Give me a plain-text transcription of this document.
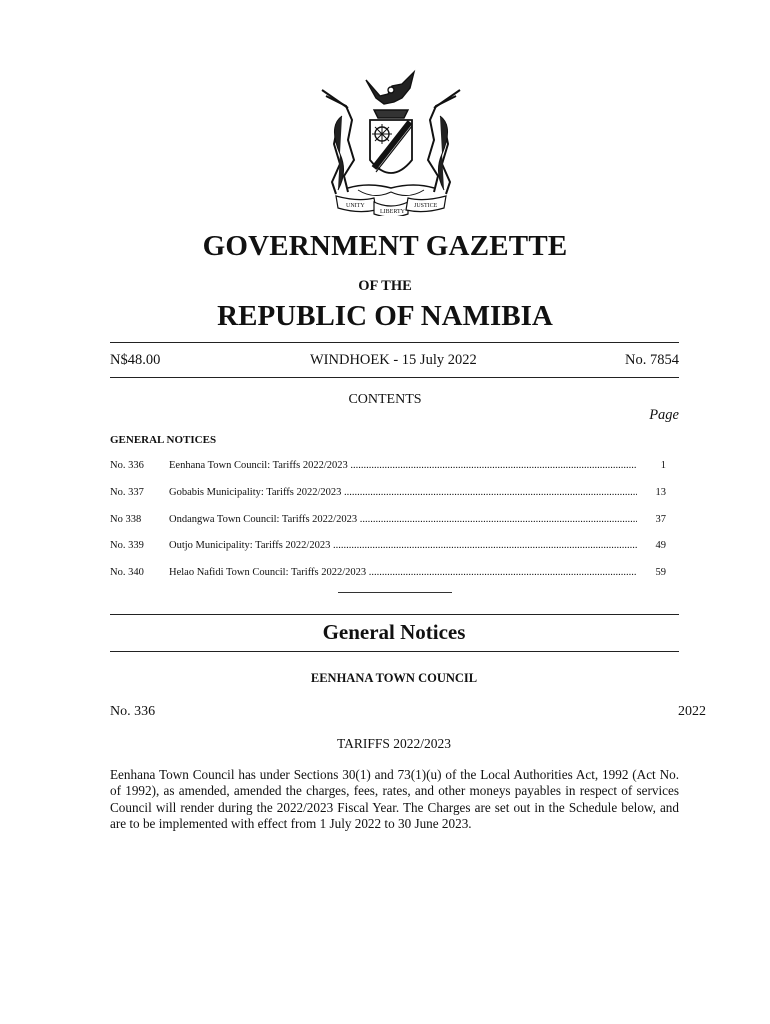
UNITY
LIBERTY
JUSTICE
GOVERNMENT GAZETTE
OF THE
REPUBLIC OF NAMIBIA
N$48.00	WINDHOEK - 15 July 2022	No. 7854
CONTENTS
Page
GENERAL NOTICES
No. 336 Eenhana Town Council: Tariffs 2022/2023 .....	1
No. 337 Gobabis Municipality: Tariffs 2022/2023 .....	13
No 338	Ondangwa Town Council: Tariffs 2022/2023 .....	37
No. 339 Outjo Municipality: Tariffs 2022/2023 .....	49
No. 340 Helao Nafidi Town Council: Tariffs 2022/2023 .....	59
General Notices
EENHANA TOWN COUNCIL
No. 336	2022
TARIFFS 2022/2023
Eenhana Town Council has under Sections 30(1) and 73(1)(u) of the Local Authorities Act, 1992 (Act No. of 1992), as amended, amended the charges, fees, rates, and other moneys payables in respect of services Council will render during the 2022/2023 Fiscal Year. The Charges are set out in the Schedule below, and are to be implemented with effect from 1 July 2022 to 30 June 2023.
